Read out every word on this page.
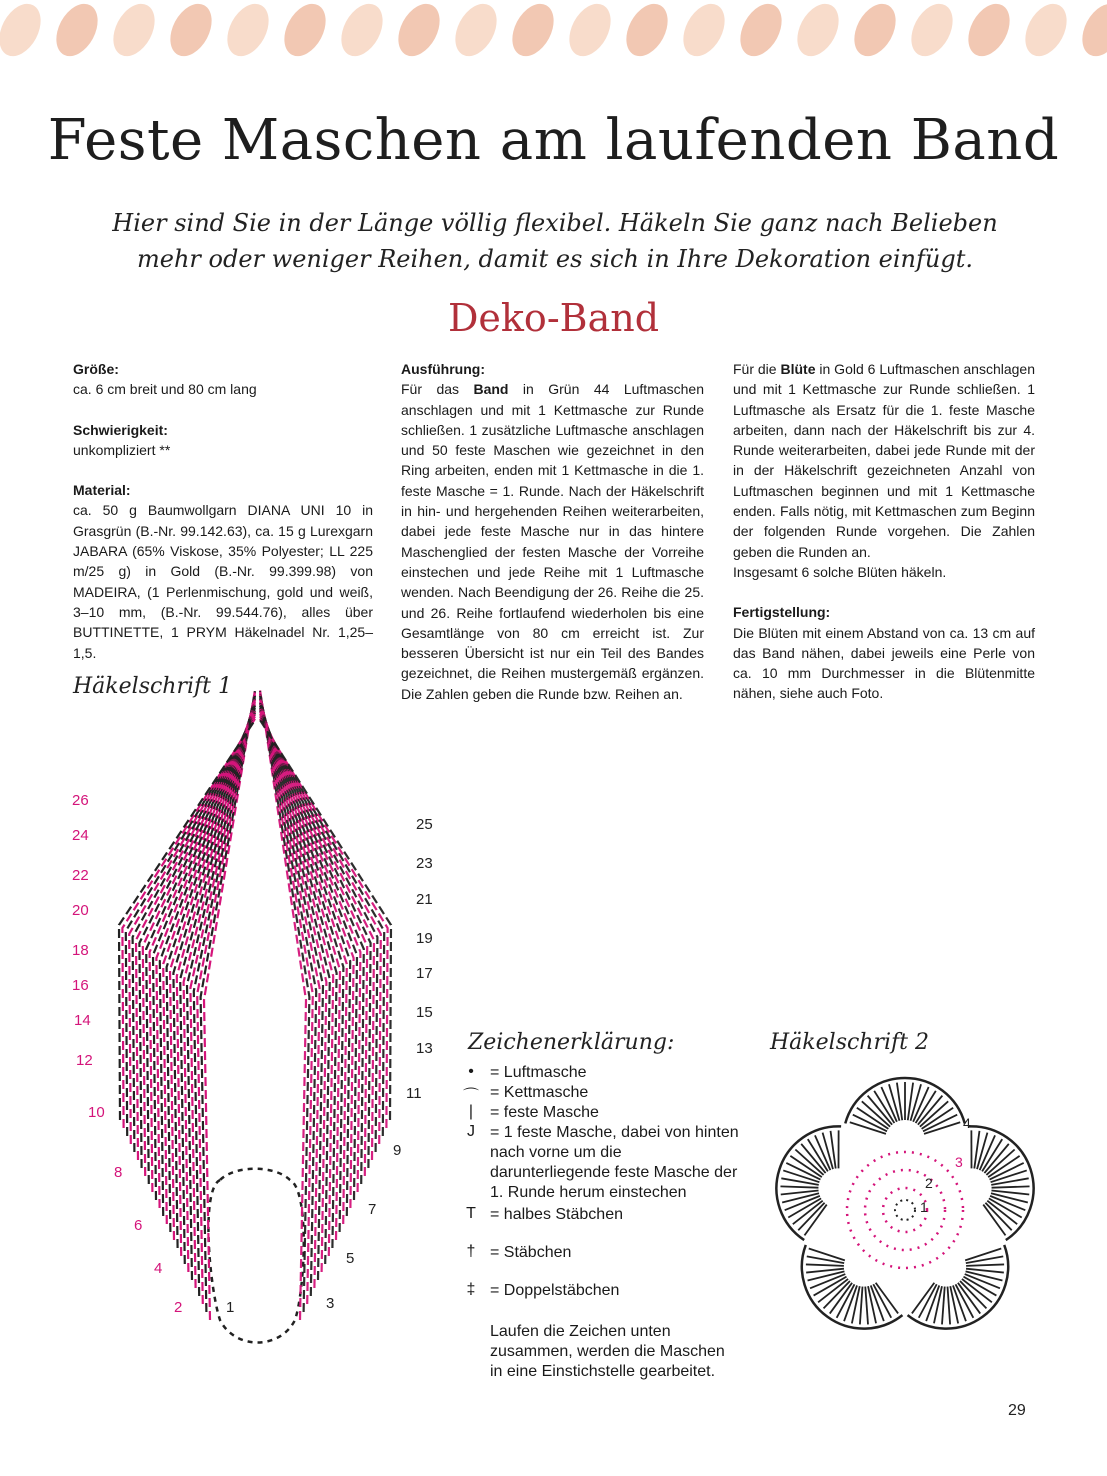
Feste Maschen am laufenden Band
Hier sind Sie in der Länge völlig flexibel. Häkeln Sie ganz nach Belieben
mehr oder weniger Reihen, damit es sich in Ihre Dekoration einfügt.
Deko-Band

Größe:

ca. 6 cm breit und 80 cm lang

Schwierigkeit:

unkompliziert **

Material:

ca. 50 g Baumwollgarn DIANA UNI 10 in Grasgrün (B.-Nr. 99.142.63), ca. 15 g Lurexgarn JABARA (65% Viskose, 35% Polyester; LL 225 m/25 g) in Gold (B.-Nr. 99.399.98) von MADEIRA, (1 Perlenmischung, gold und weiß, 3–10 mm, (B.-Nr. 99.544.76), alles über BUTTINETTE, 1 PRYM Häkelnadel Nr. 1,25–1,5.

Ausführung:

Für das Band in Grün 44 Luftmaschen anschlagen und mit 1 Kettmasche zur Runde schließen. 1 zusätzliche Luftmasche anschlagen und 50 feste Maschen wie gezeichnet in den Ring arbeiten, enden mit 1 Kettmasche in die 1. feste Masche = 1. Runde. Nach der Häkelschrift in hin- und hergehenden Reihen weiterarbeiten, dabei jede feste Masche nur in das hintere Maschenglied der festen Masche der Vorreihe einstechen und jede Reihe mit 1 Luftmasche wenden. Nach Beendigung der 26. Reihe die 25. und 26. Reihe fortlaufend wiederholen bis eine Gesamtlänge von 80 cm erreicht ist. Zur besseren Übersicht ist nur ein Teil des Bandes gezeichnet, die Reihen mustergemäß ergänzen. Die Zahlen geben die Runde bzw. Reihen an.

Für die Blüte in Gold 6 Luftmaschen anschlagen und mit 1 Kettmasche zur Runde schließen. 1 Luftmasche als Ersatz für die 1. feste Masche arbeiten, dann nach der Häkelschrift bis zur 4. Runde weiterarbeiten, dabei jede Runde mit der in der Häkelschrift gezeichneten Anzahl von Luftmaschen beginnen und mit 1 Kettmasche enden. Falls nötig, mit Kettmaschen zum Beginn der folgenden Runde vorgehen. Die Zahlen geben die Runden an.

Insgesamt 6 solche Blüten häkeln.

Fertigstellung:

Die Blüten mit einem Abstand von ca. 13 cm auf das Band nähen, dabei jeweils eine Perle von ca. 10 mm Durchmesser in die Blütenmitte nähen, siehe auch Foto.

Häkelschrift 1
26
24
22
20
18
16
14
12
10
8
6
4
2
25
23
21
19
17
15
13
11
9
7
5
3
1
Zeichenerklärung:
•	= Luftmasche
⌒ = Kettmasche
|	= feste Masche
J = 1 feste Masche, dabei von hinten nach vorne um die darunterliegende feste Masche der 1. Runde herum einstechen
T = halbes Stäbchen
† = Stäbchen
‡ = Doppelstäbchen
Laufen die Zeichen unten zusammen, werden die Maschen in eine Einstichstelle gearbeitet.
Häkelschrift 2
1
2
3
4
29
